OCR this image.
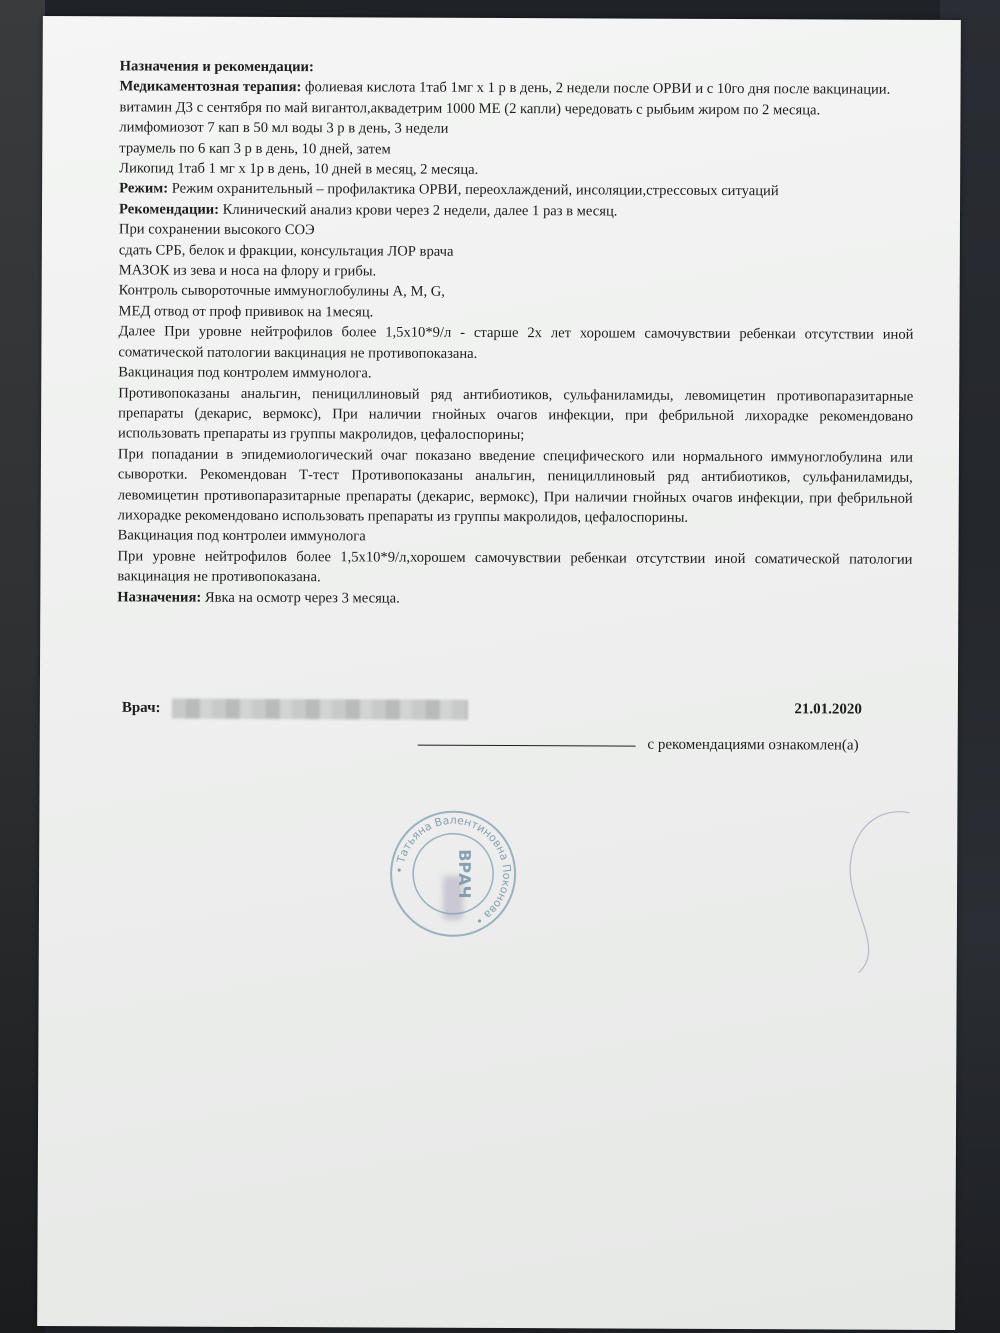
Назначения и рекомендации:

Медикаментозная терапия: фолиевая кислота 1таб 1мг х 1 р в день, 2 недели после ОРВИ и с 10го дня после вакцинации.

витамин Д3 с сентября по май вигантол,аквадетрим 1000 МЕ (2 капли) чередовать с рыбьим жиром по 2 месяца.

лимфомиозот 7 кап в 50 мл воды 3 р в день, 3 недели

траумель по 6 кап 3 р в день, 10 дней, затем

Ликопид 1таб 1 мг х 1р в день, 10 дней в месяц, 2 месяца.

Режим: Режим охранительный – профилактика ОРВИ, переохлаждений, инсоляции,стрессовых ситуаций

Рекомендации: Клинический анализ крови через 2 недели, далее 1 раз в месяц.

При сохранении высокого СОЭ

сдать СРБ, белок и фракции, консультация ЛОР врача

МАЗОК из зева и носа на флору и грибы.

Контроль сывороточные иммуноглобулины А, М, G,

МЕД отвод от проф прививок на 1месяц.

Далее При уровне нейтрофилов более 1,5х10*9/л - старше 2х лет хорошем самочувствии ребенкаи отсутствии иной соматической патологии вакцинация не противопоказана.

Вакцинация под контролем иммунолога.

Противопоказаны анальгин, пенициллиновый ряд антибиотиков, сульфаниламиды, левомицетин противопаразитарные препараты (декарис, вермокс), При наличии гнойных очагов инфекции, при фебрильной лихорадке рекомендовано использовать препараты из группы макролидов, цефалоспорины;

При попадании в эпидемиологический очаг показано введение специфического или нормального иммуноглобулина или сыворотки. Рекомендован Т-тест Противопоказаны анальгин, пенициллиновый ряд антибиотиков, сульфаниламиды, левомицетин противопаразитарные препараты (декарис, вермокс), При наличии гнойных очагов инфекции, при фебрильной лихорадке рекомендовано использовать препараты из группы макролидов, цефалоспорины.

Вакцинация под контролеи иммунолога

При уровне нейтрофилов более 1,5х10*9/л,хорошем самочувствии ребенкаи отсутствии иной соматической патологии вакцинация не противопоказана.

Назначения: Явка на осмотр через 3 месяца.

Врач:	21.01.2020
с рекомендациями ознакомлен(а)
• Татьяна Валентиновна Поконова •
ВРАЧ
